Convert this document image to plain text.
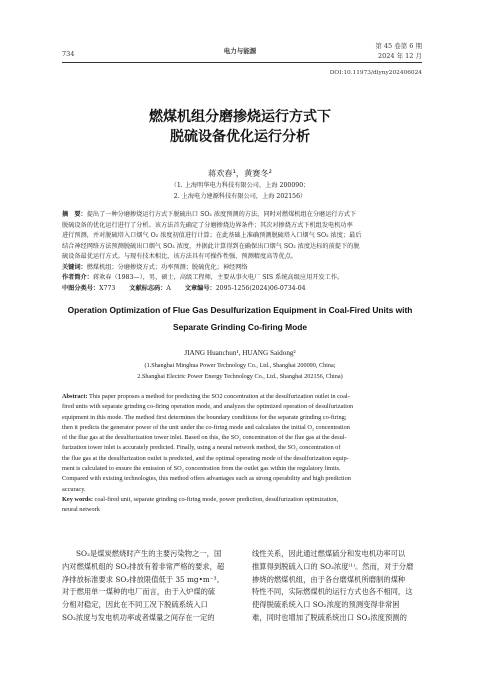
734	电力与能源
第 45 卷第 6 期
2024 年 12 月
DOI:10.11973/dlyny202406024
燃煤机组分磨掺烧运行方式下
脱硫设备优化运行分析
蒋欢春¹，黄赛冬²
（1. 上海明华电力科技有限公司，上海 200090；
2. 上海电力建源科技有限公司，上海 202156）
摘　要：提出了一种分磨掺烧运行方式下脱硫出口 SO₂ 浓度预测的方法，同时对燃煤机组在分磨运行方式下
脱硫设备的优化运行进行了分析。该方法首先确定了分磨掺烧边界条件；其次对掺烧方式下机组发电机功率
进行预测，并对脱硫塔入口烟气 O₂ 浓度初值进行计算；在此基础上准确预测脱硫塔入口烟气 SO₂ 浓度；最后
结合神经网络方法预测脱硫出口烟气 SO₂ 浓度，并据此计算得到在确保出口烟气 SO₂ 浓度达标的前提下的脱
硫设备最优运行方式。与现有技术相比，该方法具有可操作性强、预测精度高等优点。
关键词：燃煤机组；分磨掺烧方式；功率预测；脱硫优化；神经网络
作者简介：蒋欢春（1983—），男，硕士，高级工程师，主要从事火电厂 SIS 系统高级应用开发工作。
中图分类号：X773 文献标志码：A 文章编号：2095-1256(2024)06-0734-04
Operation Optimization of Flue Gas Desulfurization Equipment in Coal-Fired Units with
Separate Grinding Co-firing Mode
JIANG Huanchun¹, HUANG Saidong²
(1.Shanghai Minghua Power Technology Co., Ltd., Shanghai 200090, China;
2.Shanghai Electric Power Energy Technology Co., Ltd., Shanghai 202156, China)
Abstract: This paper proposes a method for predicting the SO2 concentration at the desulfurization outlet in coal-
fired units with separate grinding co-firing operation mode, and analyzes the optimized operation of desulfurization
equipment in this mode. The method first determines the boundary conditions for the separate grinding co-firing;
then it predicts the generator power of the unit under the co-firing mode and calculates the initial O₂ concentration
of the flue gas at the desulfurization tower inlet. Based on this, the SO₂ concentration of the flue gas at the desul-
furization tower inlet is accurately predicted. Finally, using a neural network method, the SO₂ concentration of
the flue gas at the desulfurization outlet is predicted, and the optimal operating mode of the desulfurization equip-
ment is calculated to ensure the emission of SO₂ concentration from the outlet gas within the regulatory limits.
Compared with existing technologies, this method offers advantages such as strong operability and high prediction
accuracy.
Key words: coal-fired unit, separate grinding co-firing mode, power prediction, desulfurization optimization,
neural network
SO₂是煤炭燃烧时产生的主要污染物之一，国
内对燃煤机组的 SO₂排放有着非常严格的要求，超
净排放标准要求 SO₂排放限值低于 35 mg•m⁻³。
对于燃用单一煤种的电厂而言，由于入炉煤的硫
分相对稳定，因此在不同工况下脱硫系统入口
SO₂浓度与发电机功率或者煤量之间存在一定的
线性关系，因此通过燃煤硫分和发电机功率可以
推算得到脱硫入口的 SO₂浓度⁽¹⁾。然而，对于分磨
掺烧的燃煤机组，由于各台磨煤机所磨制的煤种
特性不同，实际燃煤机的运行方式也各不相同，这
使得脱硫系统入口 SO₂浓度的预测变得非常困
难，同时也增加了脱硫系统出口 SO₂浓度预测的
